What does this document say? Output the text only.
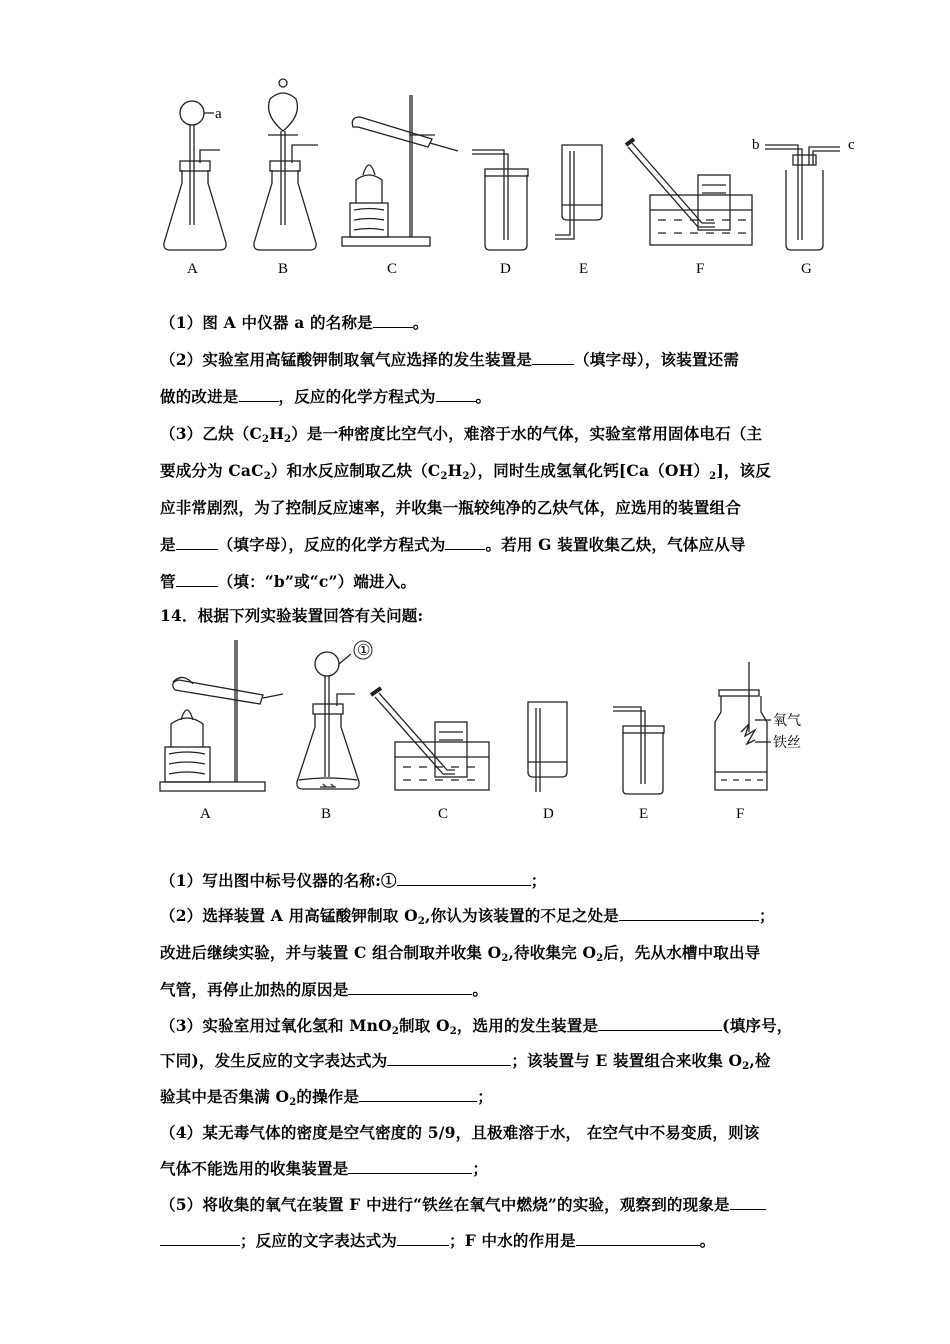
a
b	c
A	B	C	D	E	F	G
（1）图 A 中仪器 a 的名称是	。
（2）实验室用高锰酸钾制取氧气应选择的发生装置是	（填字母），该装置还需
做的改进是	，反应的化学方程式为	。
（3）乙炔$(C_2H_2)$是一种密度比空气小，难溶于水的气体，实验室常用固体电石（主
要成分为 CaC$_2$）和水反应制取乙炔$(C_2H_2)$，同时生成氢氧化钙$[Ca(OH)_2]$，该反
应非常剧烈，为了控制反应速率，并收集一瓶较纯净的乙炔气体，应选用的装置组合
是	（填字母），反应的化学方程式为	。若用 G 装置收集乙炔，气体应从导
管	（填：“b”或“c”）端进入。
14．根据下列实验装置回答有关问题:
①
氧气
铁丝
A	B	C	D	E	F
（1）写出图中标号仪器的名称:①	；
（2）选择装置 A 用高锰酸钾制取 $O_2$,你认为该装置的不足之处是	；
改进后继续实验，并与装置 C 组合制取并收集 $O_2$,待收集完 $O_2$后，先从水槽中取出导
气管，再停止加热的原因是	。
（3）实验室用过氧化氢和 MnO$_2$制取 $O_2$，选用的发生装置是	(填序号，
下同)，发生反应的文字表达式为	；该装置与 E 装置组合来收集 $O_2$,检
验其中是否集满 $O_2$的操作是	；
（4）某无毒气体的密度是空气密度的 5/9，且极难溶于水， 在空气中不易变质，则该
气体不能选用的收集装置是	；
（5）将收集的氧气在装置 F 中进行“铁丝在氧气中燃烧”的实验，观察到的现象是
；反应的文字表达式为	；F 中水的作用是	。
